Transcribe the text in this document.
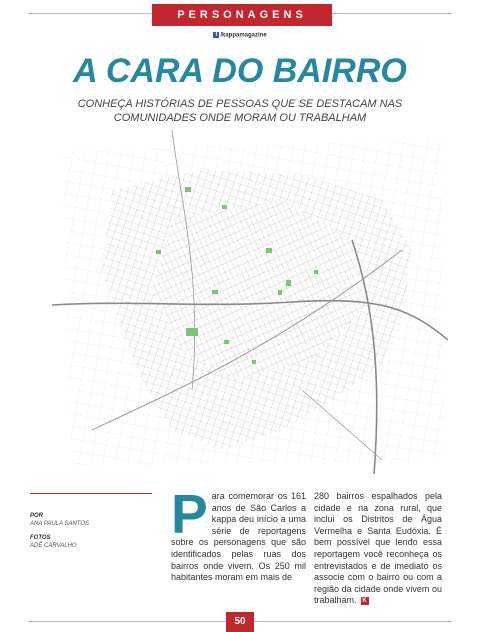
PERSONAGENS
f /kappamagazine
A CARA DO BAIRRO
CONHEÇA HISTÓRIAS DE PESSOAS QUE SE DESTACAM NAS COMUNIDADES ONDE MORAM OU TRABALHAM
POR
ANA PAULA SANTOS
FOTOS
ADÊ CARVALHO
Para comemorar os 161 anos de São Carlos a kappa deu início a uma série de reportagens sobre os personagens que são identificados pelas ruas dos bairros onde vivem. Os 250 mil habitantes moram em mais de
280 bairros espalhados pela cidade e na zona rural, que inclui os Distritos de Água Vermelha e Santa Eudóxia. É bem possível que lendo essa reportagem você reconheça os entrevistados e de imediato os associe com o bairro ou com a região da cidade onde vivem ou trabalham. K
50
